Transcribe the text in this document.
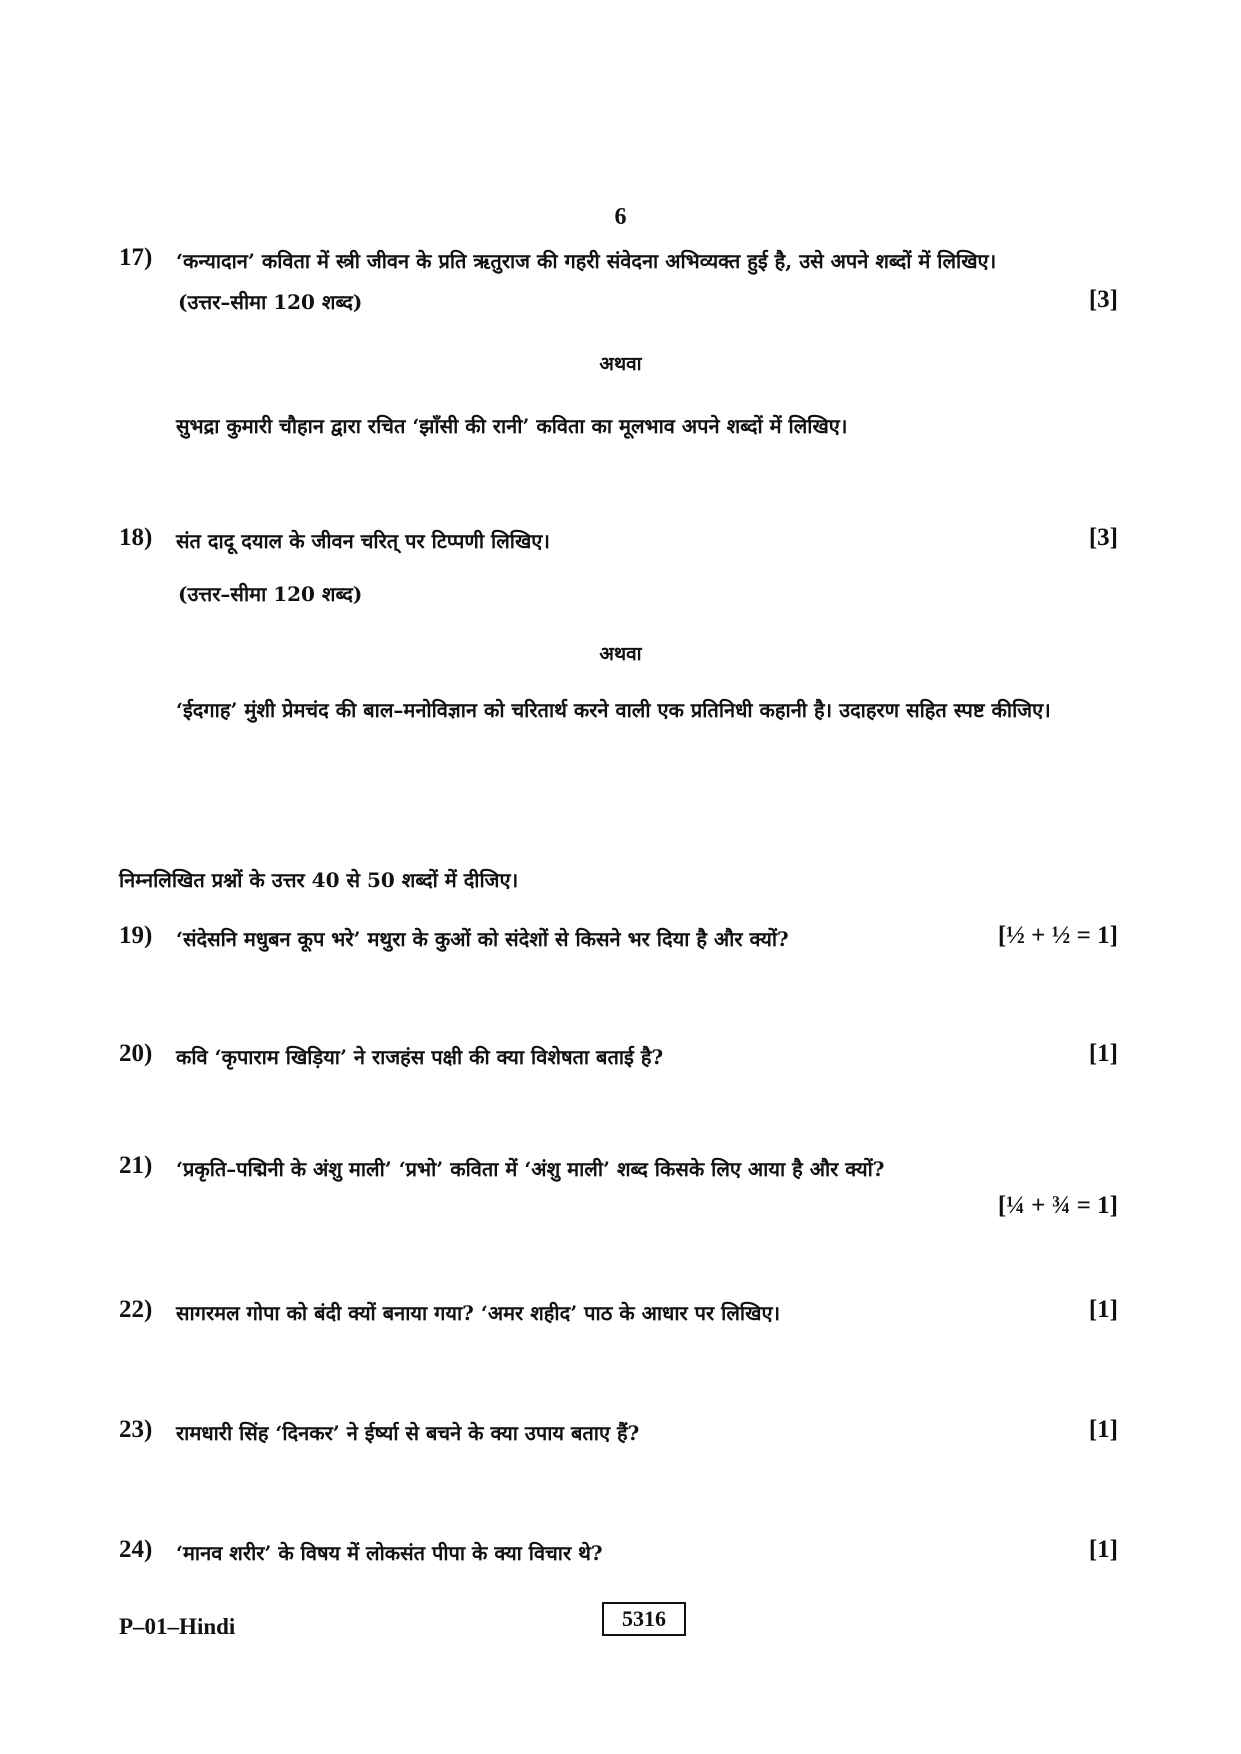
6
17) ‘कन्यादान’ कविता में स्त्री जीवन के प्रति ऋतुराज की गहरी संवेदना अभिव्यक्त हुई है, उसे अपने शब्दों में लिखिए।
(उत्तर–सीमा 120 शब्द)	[3]
अथवा
सुभद्रा कुमारी चौहान द्वारा रचित ‘झाँसी की रानी’ कविता का मूलभाव अपने शब्दों में लिखिए।
18) संत दादू दयाल के जीवन चरित् पर टिप्पणी लिखिए।	[3]
(उत्तर–सीमा 120 शब्द)
अथवा
‘ईदगाह’ मुंशी प्रेमचंद की बाल–मनोविज्ञान को चरितार्थ करने वाली एक प्रतिनिधी कहानी है। उदाहरण सहित स्पष्ट कीजिए।
निम्नलिखित प्रश्नों के उत्तर 40 से 50 शब्दों में दीजिए।
19) ‘संदेसनि मधुबन कूप भरे’ मथुरा के कुओं को संदेशों से किसने भर दिया है और क्यों?	[½ + ½ = 1]
20) कवि ‘कृपाराम खिड़िया’ ने राजहंस पक्षी की क्या विशेषता बताई है?	[1]
21) ‘प्रकृति–पद्मिनी के अंशु माली’ ‘प्रभो’ कविता में ‘अंशु माली’ शब्द किसके लिए आया है और क्यों?
[¼ + ¾ = 1]
22) सागरमल गोपा को बंदी क्यों बनाया गया? ‘अमर शहीद’ पाठ के आधार पर लिखिए।	[1]
23) रामधारी सिंह ‘दिनकर’ ने ईर्ष्या से बचने के क्या उपाय बताए हैं?	[1]
24) ‘मानव शरीर’ के विषय में लोकसंत पीपा के क्या विचार थे?	[1]
P–01–Hindi	5316
